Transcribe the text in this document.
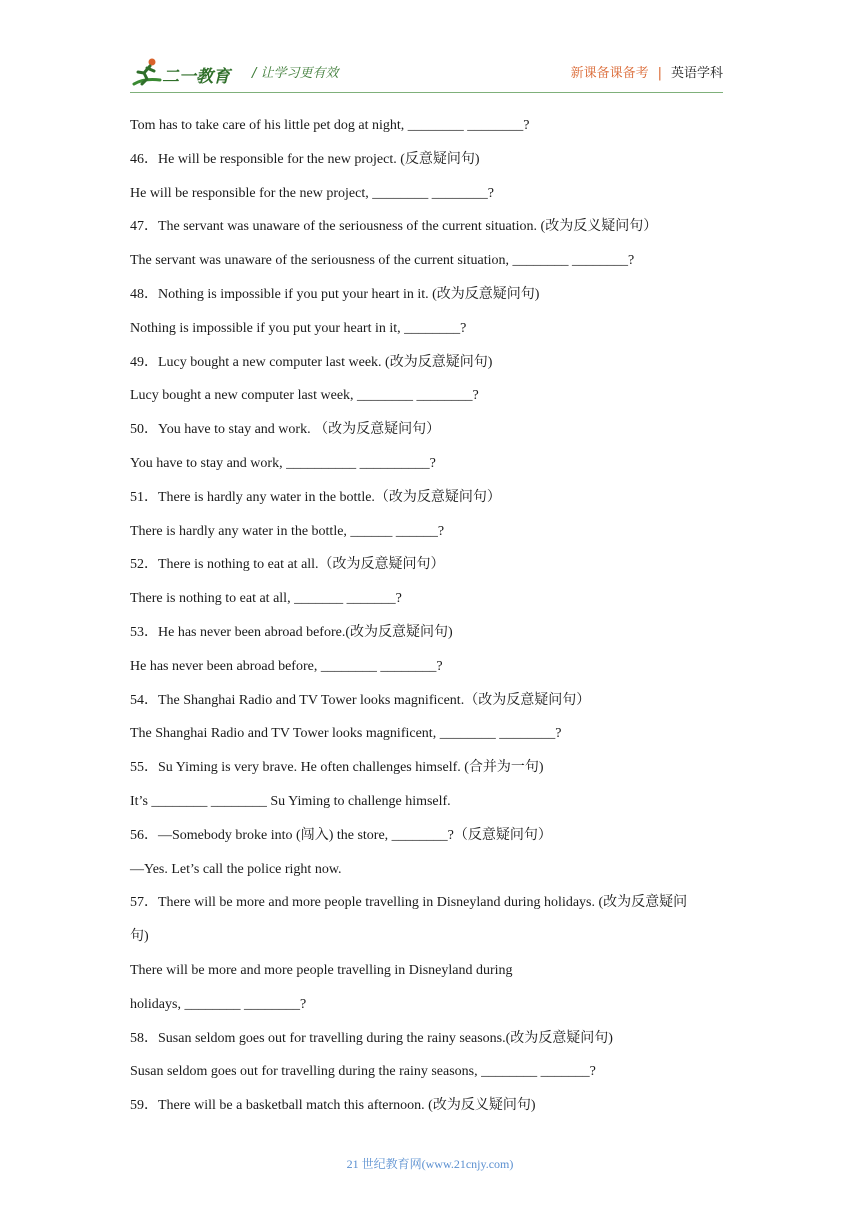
二一教育 / 让学习更有效	新课备课备考 | 英语学科
Tom has to take care of his little pet dog at night, ________ ________?
46．He will be responsible for the new project. (反意疑问句)
He will be responsible for the new project, ________ ________?
47．The servant was unaware of the seriousness of the current situation. (改为反义疑问句）
The servant was unaware of the seriousness of the current situation, ________ ________?
48．Nothing is impossible if you put your heart in it. (改为反意疑问句)
Nothing is impossible if you put your heart in it, ________?
49．Lucy bought a new computer last week. (改为反意疑问句)
Lucy bought a new computer last week, ________ ________?
50．You have to stay and work. （改为反意疑问句）
You have to stay and work, __________ __________?
51．There is hardly any water in the bottle.（改为反意疑问句）
There is hardly any water in the bottle, ______ ______?
52．There is nothing to eat at all.（改为反意疑问句）
There is nothing to eat at all, _______ _______?
53．He has never been abroad before.(改为反意疑问句)
He has never been abroad before, ________ ________?
54．The Shanghai Radio and TV Tower looks magnificent.（改为反意疑问句）
The Shanghai Radio and TV Tower looks magnificent, ________ ________?
55．Su Yiming is very brave. He often challenges himself. (合并为一句)
It’s ________ ________ Su Yiming to challenge himself.
56．—Somebody broke into (闯入) the store, ________?（反意疑问句）
—Yes. Let’s call the police right now.
57．There will be more and more people travelling in Disneyland during holidays. (改为反意疑问
句)
There will be more and more people travelling in Disneyland during
holidays, ________ ________?
58．Susan seldom goes out for travelling during the rainy seasons.(改为反意疑问句)
Susan seldom goes out for travelling during the rainy seasons, ________ _______?
59．There will be a basketball match this afternoon. (改为反义疑问句)
21 世纪教育网(www.21cnjy.com)
